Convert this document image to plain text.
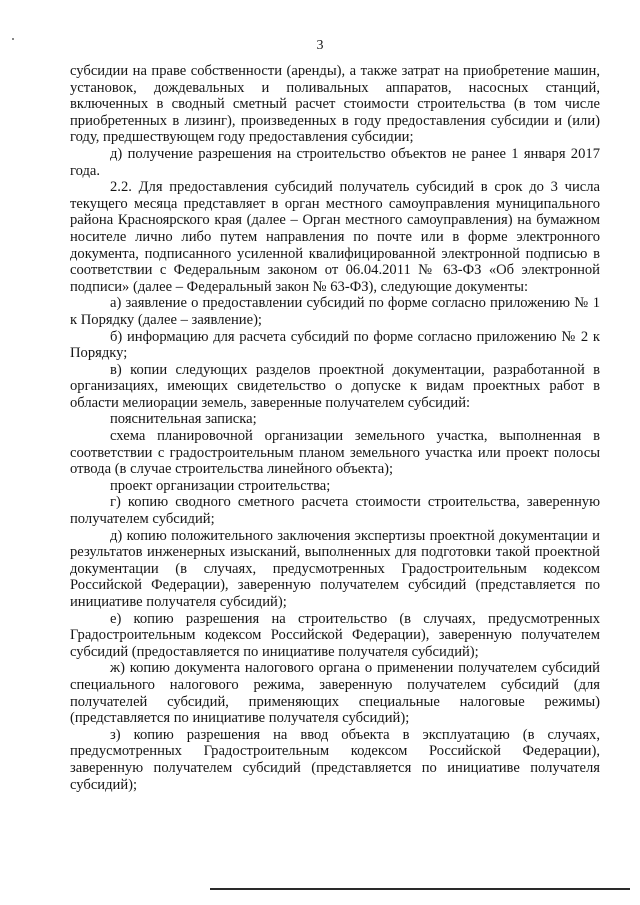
3

субсидии на праве собственности (аренды), а также затрат на приобретение машин, установок, дождевальных и поливальных аппаратов, насосных станций, включенных в сводный сметный расчет стоимости строительства (в том числе приобретенных в лизинг), произведенных в году предоставления субсидии и (или) году, предшествующем году предоставления субсидии;

д) получение разрешения на строительство объектов не ранее 1 января 2017 года.

2.2. Для предоставления субсидий получатель субсидий в срок до 3 числа текущего месяца представляет в орган местного самоуправления муниципального района Красноярского края (далее – Орган местного самоуправления) на бумажном носителе лично либо путем направления по почте или в форме электронного документа, подписанного усиленной квалифицированной электронной подписью в соответствии с Федеральным законом от 06.04.2011 № 63-ФЗ «Об электронной подписи» (далее – Федеральный закон № 63-ФЗ), следующие документы:

а) заявление о предоставлении субсидий по форме согласно приложению № 1 к Порядку (далее – заявление);

б) информацию для расчета субсидий по форме согласно приложению № 2 к Порядку;

в) копии следующих разделов проектной документации, разработанной в организациях, имеющих свидетельство о допуске к видам проектных работ в области мелиорации земель, заверенные получателем субсидий:

пояснительная записка;

схема планировочной организации земельного участка, выполненная в соответствии с градостроительным планом земельного участка или проект полосы отвода (в случае строительства линейного объекта);

проект организации строительства;

г) копию сводного сметного расчета стоимости строительства, заверенную получателем субсидий;

д) копию положительного заключения экспертизы проектной документации и результатов инженерных изысканий, выполненных для подготовки такой проектной документации (в случаях, предусмотренных Градостроительным кодексом Российской Федерации), заверенную получателем субсидий (представляется по инициативе получателя субсидий);

е) копию разрешения на строительство (в случаях, предусмотренных Градостроительным кодексом Российской Федерации), заверенную получателем субсидий (предоставляется по инициативе получателя субсидий);

ж) копию документа налогового органа о применении получателем субсидий специального налогового режима, заверенную получателем субсидий (для получателей субсидий, применяющих специальные налоговые режимы) (представляется по инициативе получателя субсидий);

з) копию разрешения на ввод объекта в эксплуатацию (в случаях, предусмотренных Градостроительным кодексом Российской Федерации), заверенную получателем субсидий (представляется по инициативе получателя субсидий);
